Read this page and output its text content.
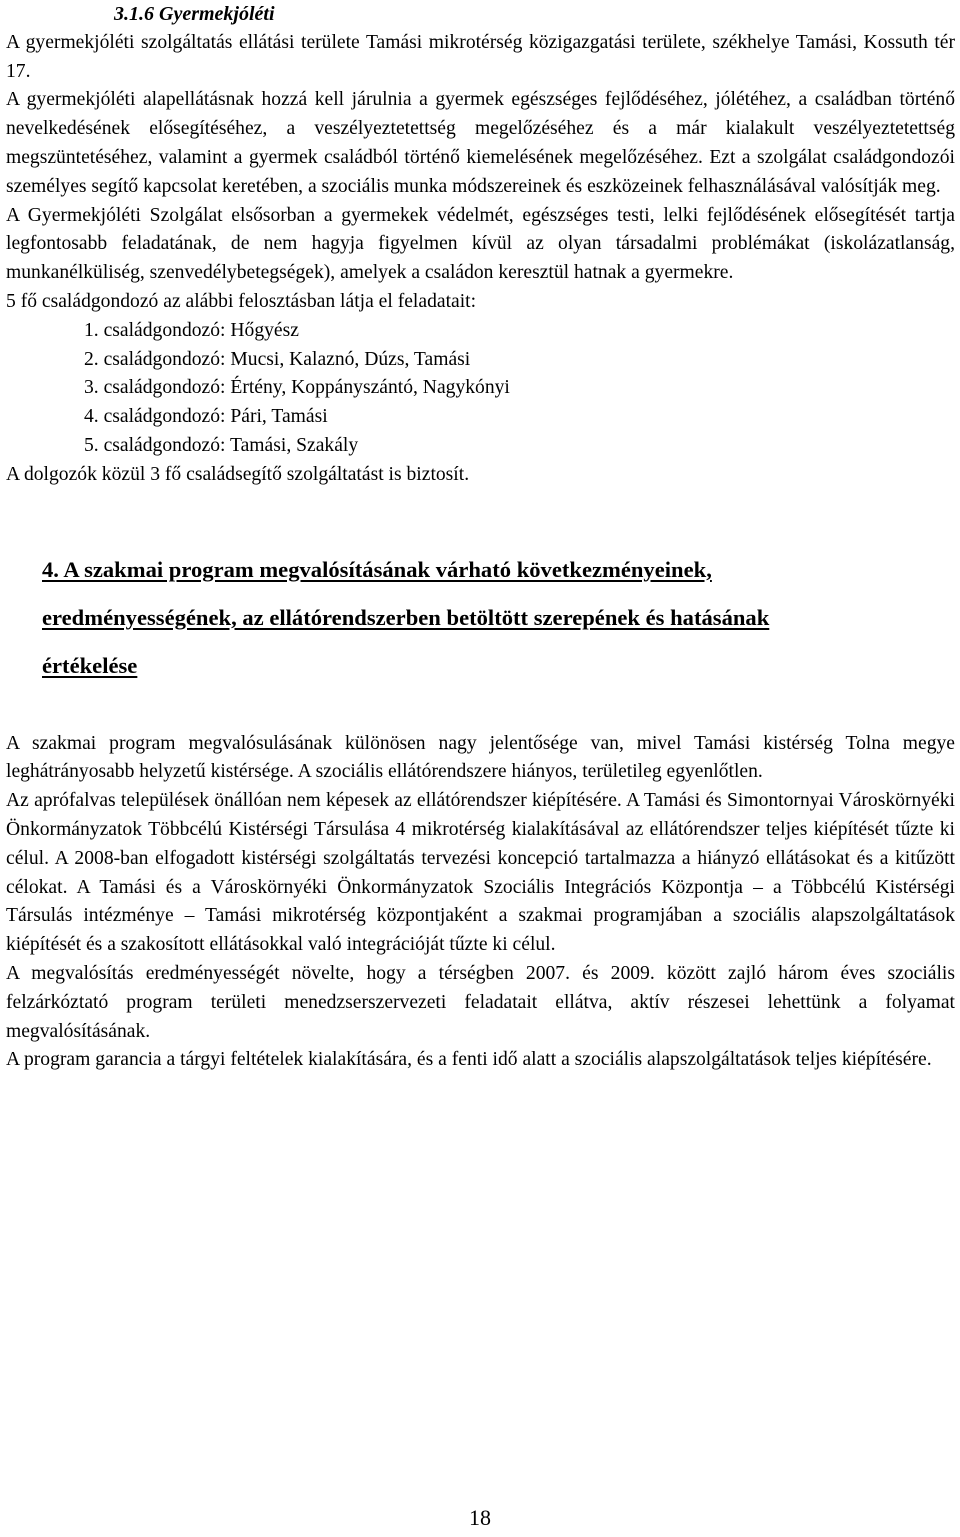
3.1.6 Gyermekjóléti

A gyermekjóléti szolgáltatás ellátási területe Tamási mikrotérség közigazgatási területe, székhelye Tamási, Kossuth tér 17.

A gyermekjóléti alapellátásnak hozzá kell járulnia a gyermek egészséges fejlődéséhez, jólétéhez, a családban történő nevelkedésének elősegítéséhez, a veszélyeztetettség megelőzéséhez és a már kialakult veszélyeztetettség megszüntetéséhez, valamint a gyermek családból történő kiemelésének megelőzéséhez. Ezt a szolgálat családgondozói személyes segítő kapcsolat keretében, a szociális munka módszereinek és eszközeinek felhasználásával valósítják meg.

A Gyermekjóléti Szolgálat elsősorban a gyermekek védelmét, egészséges testi, lelki fejlődésének elősegítését tartja legfontosabb feladatának, de nem hagyja figyelmen kívül az olyan társadalmi problémákat (iskolázatlanság, munkanélküliség, szenvedélybetegségek), amelyek a családon keresztül hatnak a gyermekre.

5 fő családgondozó az alábbi felosztásban látja el feladatait:

1. családgondozó: Hőgyész
2. családgondozó: Mucsi, Kalaznó, Dúzs, Tamási
3. családgondozó: Értény, Koppányszántó, Nagykónyi
4. családgondozó: Pári, Tamási
5. családgondozó: Tamási, Szakály

A dolgozók közül 3 fő családsegítő szolgáltatást is biztosít.

4. A szakmai program megvalósításának várható következményeinek,
eredményességének, az ellátórendszerben betöltött szerepének és hatásának
értékelése

A szakmai program megvalósulásának különösen nagy jelentősége van, mivel Tamási kistérség Tolna megye leghátrányosabb helyzetű kistérsége. A szociális ellátórendszere hiányos, területileg egyenlőtlen.

Az aprófalvas települések önállóan nem képesek az ellátórendszer kiépítésére. A Tamási és Simontornyai Városkörnyéki Önkormányzatok Többcélú Kistérségi Társulása 4 mikrotérség kialakításával az ellátórendszer teljes kiépítését tűzte ki célul. A 2008-ban elfogadott kistérségi szolgáltatás tervezési koncepció tartalmazza a hiányzó ellátásokat és a kitűzött célokat. A Tamási és a Városkörnyéki Önkormányzatok Szociális Integrációs Központja – a Többcélú Kistérségi Társulás intézménye – Tamási mikrotérség központjaként a szakmai programjában a szociális alapszolgáltatások kiépítését és a szakosított ellátásokkal való integrációját tűzte ki célul.

A megvalósítás eredményességét növelte, hogy a térségben 2007. és 2009. között zajló három éves szociális felzárkóztató program területi menedzserszervezeti feladatait ellátva, aktív részesei lehettünk a folyamat megvalósításának.

A program garancia a tárgyi feltételek kialakítására, és a fenti idő alatt a szociális alapszolgáltatások teljes kiépítésére.

18
